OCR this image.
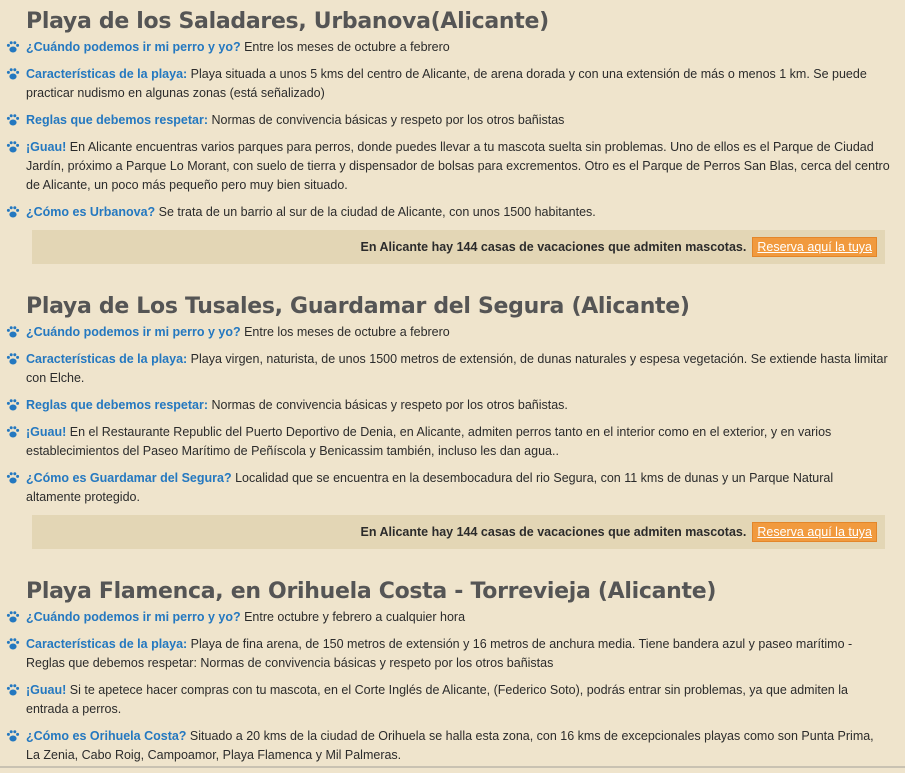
Playa de los Saladares, Urbanova(Alicante)
¿Cuándo podemos ir mi perro y yo? Entre los meses de octubre a febrero
Características de la playa: Playa situada a unos 5 kms del centro de Alicante, de arena dorada y con una extensión de más o menos 1 km. Se puede practicar nudismo en algunas zonas (está señalizado)
Reglas que debemos respetar: Normas de convivencia básicas y respeto por los otros bañistas
¡Guau! En Alicante encuentras varios parques para perros, donde puedes llevar a tu mascota suelta sin problemas. Uno de ellos es el Parque de Ciudad Jardín, próximo a Parque Lo Morant, con suelo de tierra y dispensador de bolsas para excrementos. Otro es el Parque de Perros San Blas, cerca del centro de Alicante, un poco más pequeño pero muy bien situado.
¿Cómo es Urbanova? Se trata de un barrio al sur de la ciudad de Alicante, con unos 1500 habitantes.
En Alicante hay 144 casas de vacaciones que admiten mascotas. Reserva aquí la tuya
Playa de Los Tusales, Guardamar del Segura (Alicante)
¿Cuándo podemos ir mi perro y yo? Entre los meses de octubre a febrero
Características de la playa: Playa virgen, naturista, de unos 1500 metros de extensión, de dunas naturales y espesa vegetación. Se extiende hasta limitar con Elche.
Reglas que debemos respetar: Normas de convivencia básicas y respeto por los otros bañistas.
¡Guau! En el Restaurante Republic del Puerto Deportivo de Denia, en Alicante, admiten perros tanto en el interior como en el exterior, y en varios establecimientos del Paseo Marítimo de Peñíscola y Benicassim también, incluso les dan agua..
¿Cómo es Guardamar del Segura? Localidad que se encuentra en la desembocadura del rio Segura, con 11 kms de dunas y un Parque Natural altamente protegido.
En Alicante hay 144 casas de vacaciones que admiten mascotas. Reserva aquí la tuya
Playa Flamenca, en Orihuela Costa - Torrevieja (Alicante)
¿Cuándo podemos ir mi perro y yo? Entre octubre y febrero a cualquier hora
Características de la playa: Playa de fina arena, de 150 metros de extensión y 16 metros de anchura media. Tiene bandera azul y paseo marítimo - Reglas que debemos respetar: Normas de convivencia básicas y respeto por los otros bañistas
¡Guau! Si te apetece hacer compras con tu mascota, en el Corte Inglés de Alicante, (Federico Soto), podrás entrar sin problemas, ya que admiten la entrada a perros.
¿Cómo es Orihuela Costa? Situado a 20 kms de la ciudad de Orihuela se halla esta zona, con 16 kms de excepcionales playas como son Punta Prima, La Zenia, Cabo Roig, Campoamor, Playa Flamenca y Mil Palmeras.
